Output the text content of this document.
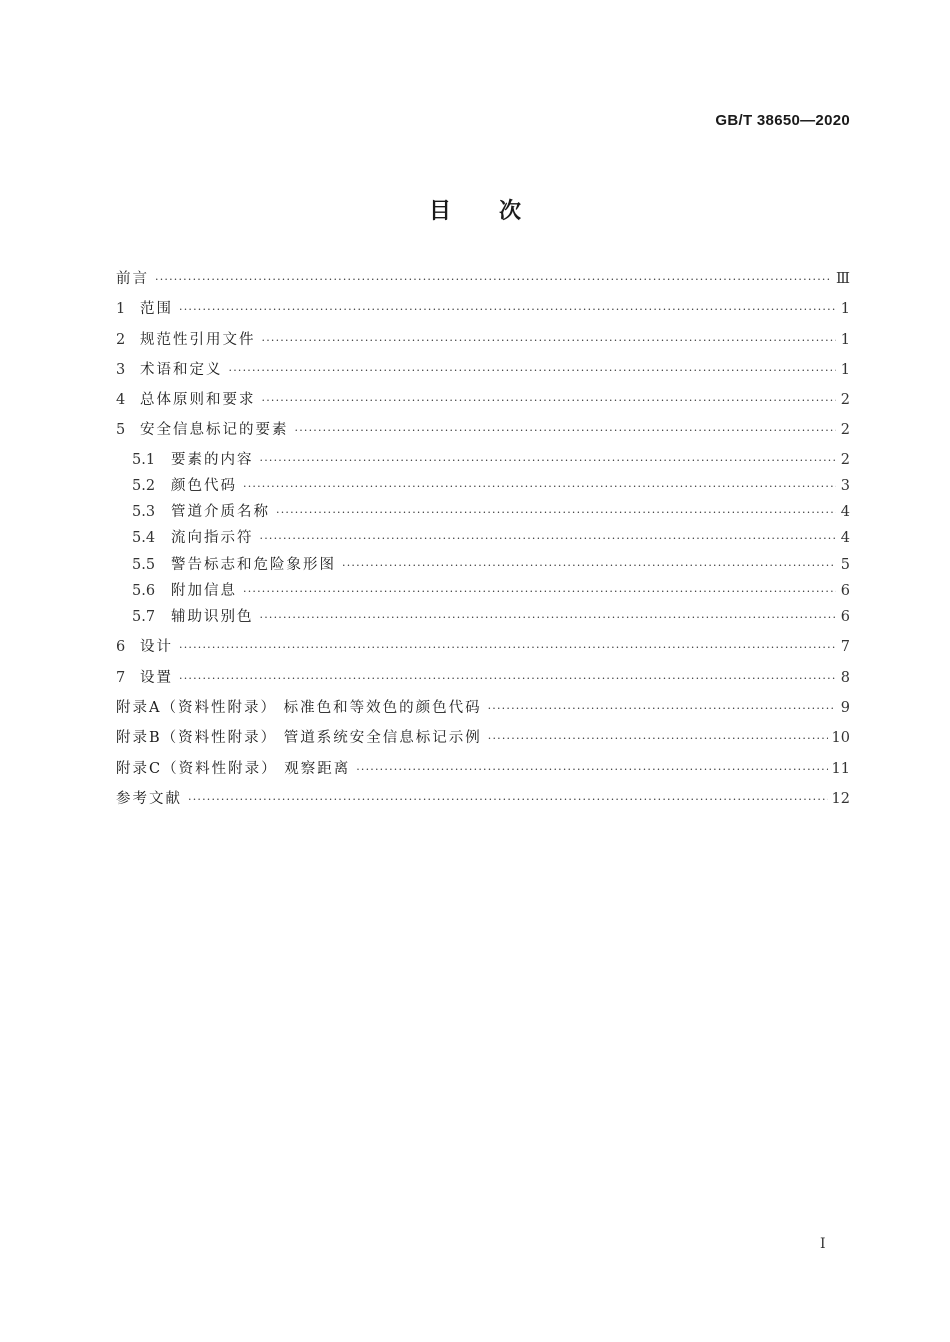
GB/T 38650—2020
目次
前言 ·····	Ⅲ
1	范围 ·····	1
2	规范性引用文件 ·····	1
3	术语和定义 ·····	1
4	总体原则和要求 ·····	2
5	安全信息标记的要素 ·····	2
5.1	要素的内容 ·····	2
5.2	颜色代码 ·····	3
5.3	管道介质名称 ·····	4
5.4	流向指示符 ·····	4
5.5	警告标志和危险象形图 ·····	5
5.6	附加信息 ·····	6
5.7	辅助识别色 ·····	6
6	设计 ·····	7
7	设置 ·····	8
附录A（资料性附录） 标准色和等效色的颜色代码 ·····	9
附录B（资料性附录） 管道系统安全信息标记示例 ·····	10
附录C（资料性附录） 观察距离 ·····	11
参考文献 ·····	12
I
